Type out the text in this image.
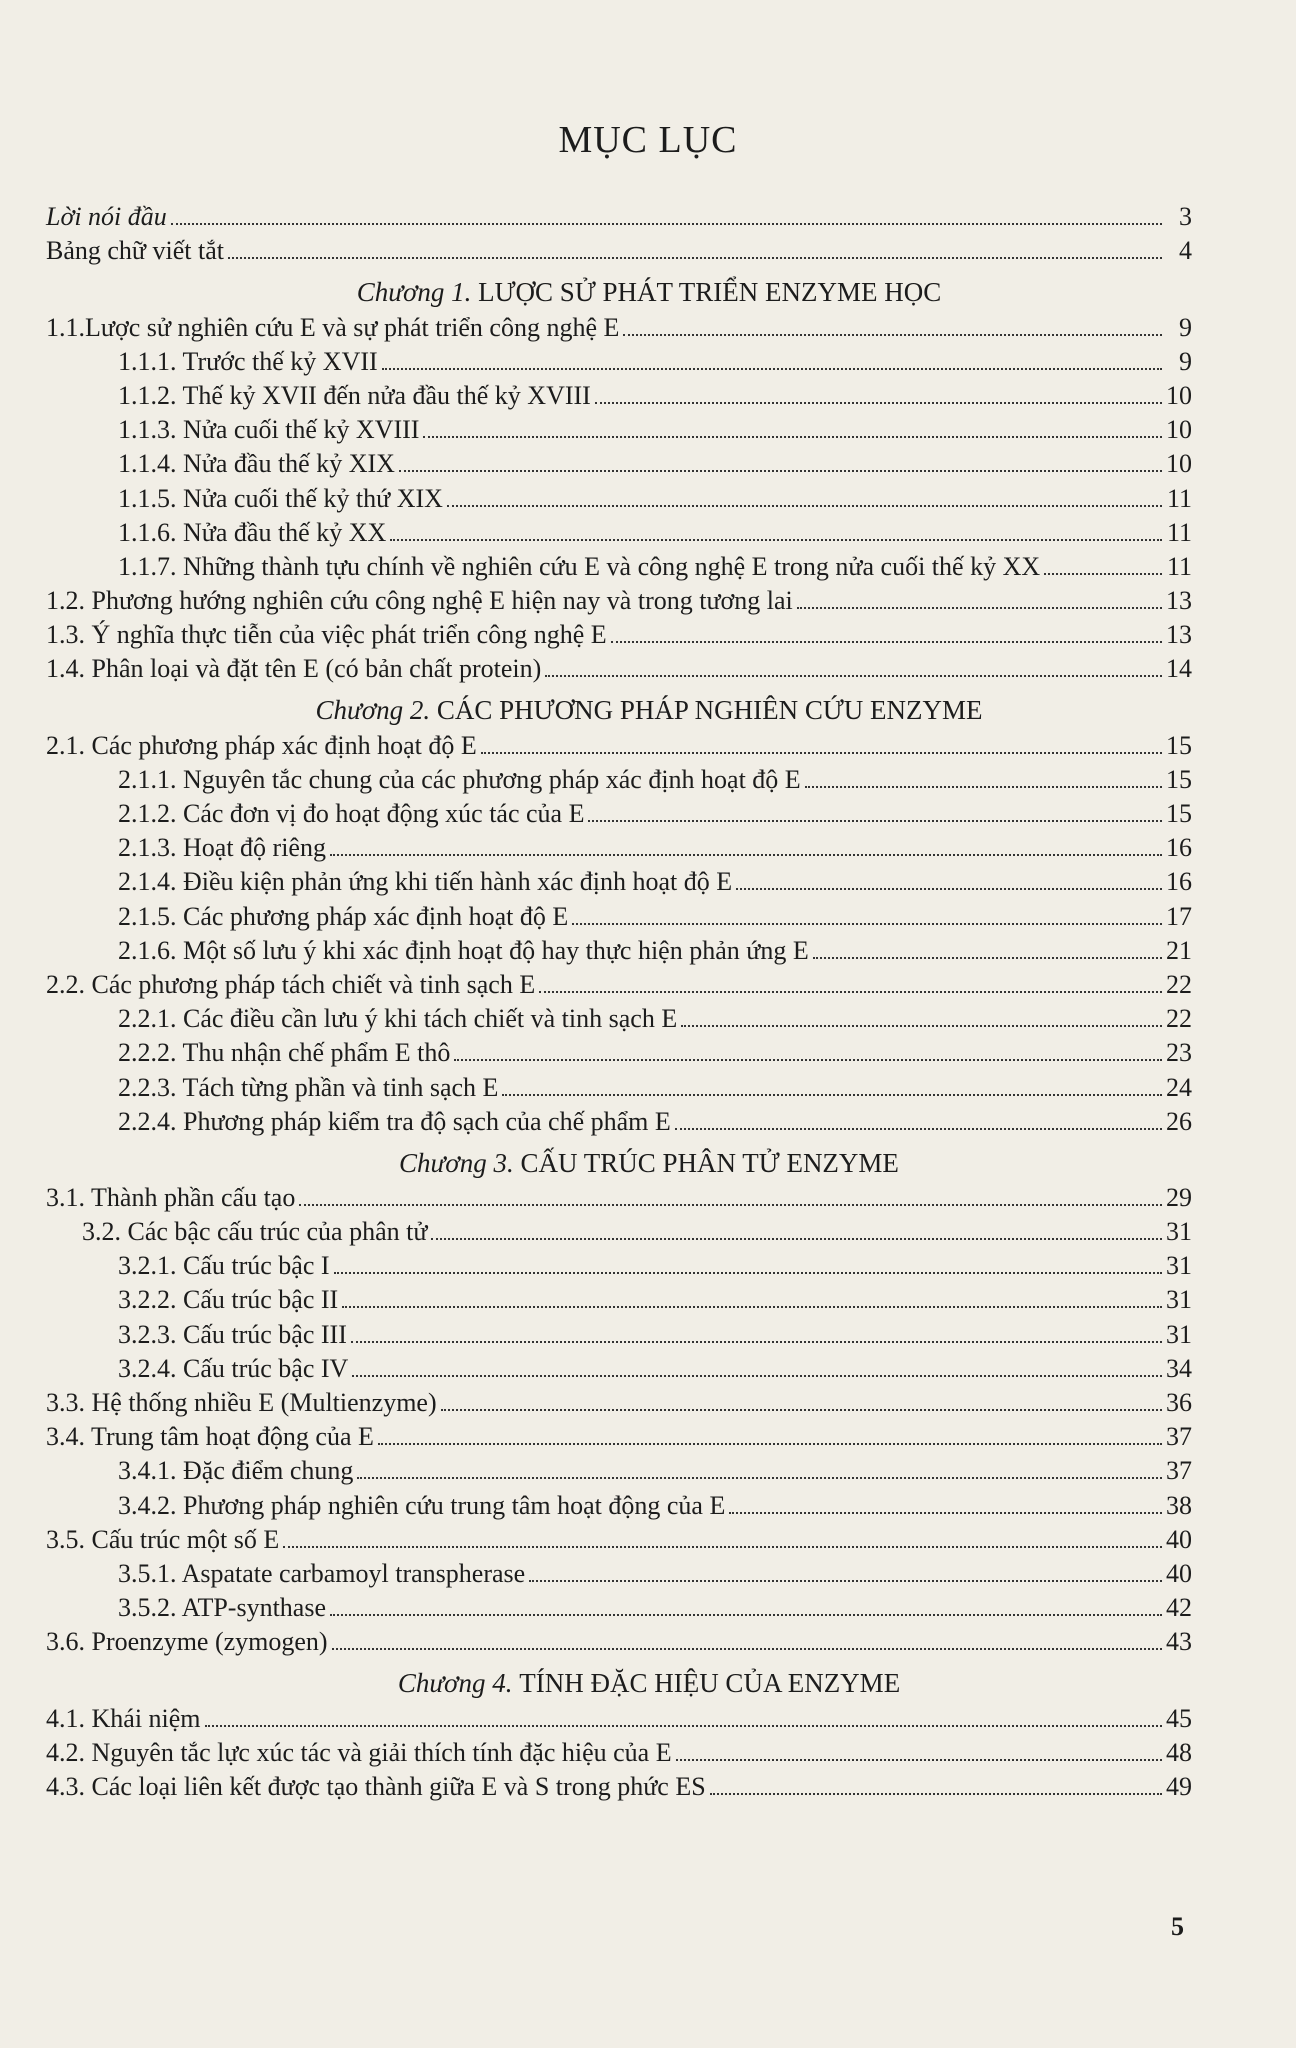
MỤC LỤC
Lời nói đầu	3
Bảng chữ viết tắt	4
Chương 1.
LƯỢC SỬ PHÁT TRIỂN ENZYME HỌC
1.1.Lược sử nghiên cứu E và sự phát triển công nghệ E	9
1.1.1. Trước thế kỷ XVII	9
1.1.2. Thế kỷ XVII đến nửa đầu thế kỷ XVIII	10
1.1.3. Nửa cuối thế kỷ XVIII	10
1.1.4. Nửa đầu thế kỷ XIX	10
1.1.5. Nửa cuối thế kỷ thứ XIX	11
1.1.6. Nửa đầu thế kỷ XX	11
1.1.7. Những thành tựu chính về nghiên cứu E và công nghệ E trong nửa cuối thế kỷ XX	11
1.2. Phương hướng nghiên cứu công nghệ E hiện nay và trong tương lai	13
1.3. Ý nghĩa thực tiễn của việc phát triển công nghệ E	13
1.4. Phân loại và đặt tên E (có bản chất protein)	14
Chương 2.
CÁC PHƯƠNG PHÁP NGHIÊN CỨU ENZYME
2.1. Các phương pháp xác định hoạt độ E	15
2.1.1. Nguyên tắc chung của các phương pháp xác định hoạt độ E	15
2.1.2. Các đơn vị đo hoạt động xúc tác của E	15
2.1.3. Hoạt độ riêng	16
2.1.4. Điều kiện phản ứng khi tiến hành xác định hoạt độ E	16
2.1.5. Các phương pháp xác định hoạt độ E	17
2.1.6. Một số lưu ý khi xác định hoạt độ hay thực hiện phản ứng E	21
2.2. Các phương pháp tách chiết và tinh sạch E	22
2.2.1. Các điều cần lưu ý khi tách chiết và tinh sạch E	22
2.2.2. Thu nhận chế phẩm E thô	23
2.2.3. Tách từng phần và tinh sạch E	24
2.2.4. Phương pháp kiểm tra độ sạch của chế phẩm E	26
Chương 3.
CẤU TRÚC PHÂN TỬ ENZYME
3.1. Thành phần cấu tạo	29
3.2. Các bậc cấu trúc của phân tử	31
3.2.1. Cấu trúc bậc I	31
3.2.2. Cấu trúc bậc II	31
3.2.3. Cấu trúc bậc III	31
3.2.4. Cấu trúc bậc IV	34
3.3. Hệ thống nhiều E (Multienzyme)	36
3.4. Trung tâm hoạt động của E	37
3.4.1. Đặc điểm chung	37
3.4.2. Phương pháp nghiên cứu trung tâm hoạt động của E	38
3.5. Cấu trúc một số E	40
3.5.1. Aspatate carbamoyl transpherase	40
3.5.2. ATP-synthase	42
3.6. Proenzyme (zymogen)	43
Chương 4.
TÍNH ĐẶC HIỆU CỦA ENZYME
4.1. Khái niệm	45
4.2. Nguyên tắc lực xúc tác và giải thích tính đặc hiệu của E	48
4.3. Các loại liên kết được tạo thành giữa E và S trong phức ES	49
5
